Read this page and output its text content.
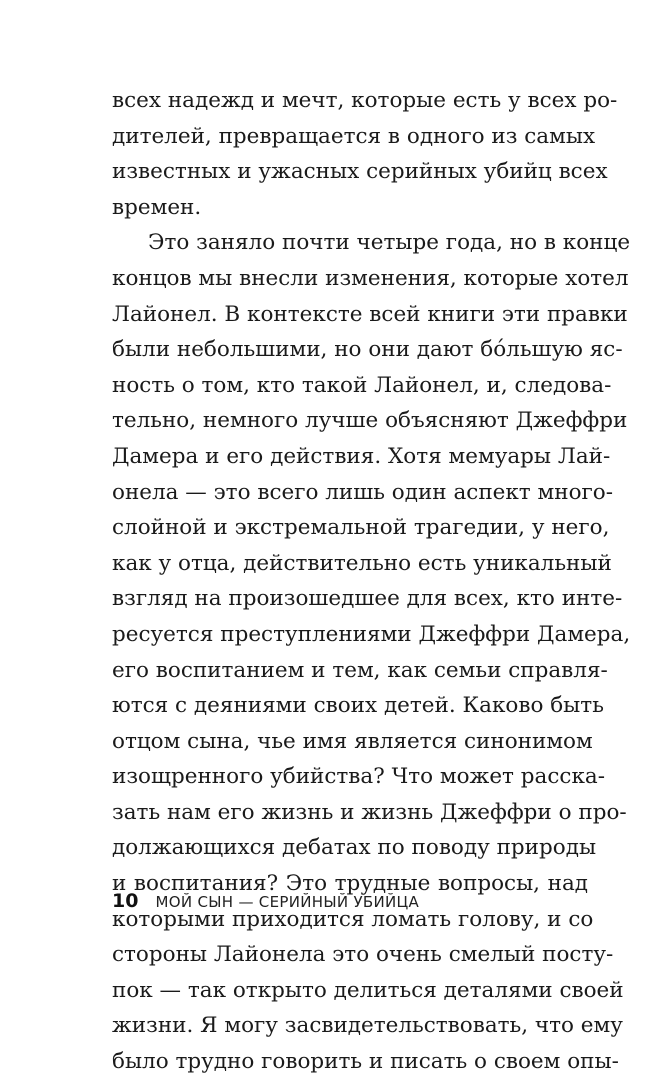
всех надежд и мечт, которые есть у всех ро-
дителей, превращается в одного из самых
известных и ужасных серийных убийц всех
времен.
Это заняло почти четыре года, но в конце
концов мы внесли изменения, которые хотел
Лайонел. В контексте всей книги эти правки
были небольшими, но они дают бо́льшую яс-
ность о том, кто такой Лайонел, и, следова-
тельно, немного лучше объясняют Джеффри
Дамера и его действия. Хотя мемуары Лай-
онела — это всего лишь один аспект много-
слойной и экстремальной трагедии, у него,
как у отца, действительно есть уникальный
взгляд на произошедшее для всех, кто инте-
ресуется преступлениями Джеффри Дамера,
его воспитанием и тем, как семьи справля-
ются с деяниями своих детей. Каково быть
отцом сына, чье имя является синонимом
изощренного убийства? Что может расска-
зать нам его жизнь и жизнь Джеффри о про-
должающихся дебатах по поводу природы
и воспитания? Это трудные вопросы, над
которыми приходится ломать голову, и со
стороны Лайонела это очень смелый посту-
пок — так открыто делиться деталями своей
жизни. Я могу засвидетельствовать, что ему
было трудно говорить и писать о своем опы-
10 МОЙ СЫН — СЕРИЙНЫЙ УБИЙЦА
